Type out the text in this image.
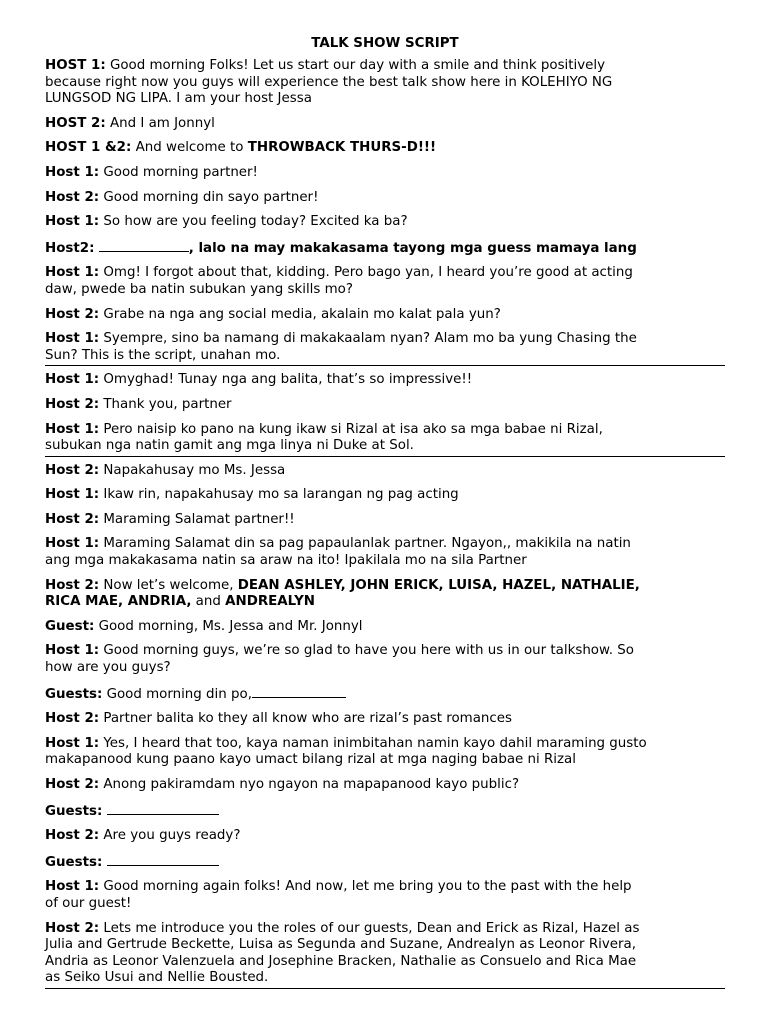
TALK SHOW SCRIPT
HOST 1: Good morning Folks! Let us start our day with a smile and think positively
because right now you guys will experience the best talk show here in KOLEHIYO NG
LUNGSOD NG LIPA. I am your host Jessa
HOST 2: And I am Jonnyl
HOST 1 &2: And welcome to THROWBACK THURS-D!!!
Host 1: Good morning partner!
Host 2: Good morning din sayo partner!
Host 1: So how are you feeling today? Excited ka ba?
Host2:	, lalo na may makakasama tayong mga guess mamaya lang
Host 1: Omg! I forgot about that, kidding. Pero bago yan, I heard you’re good at acting
daw, pwede ba natin subukan yang skills mo?
Host 2: Grabe na nga ang social media, akalain mo kalat pala yun?
Host 1: Syempre, sino ba namang di makakaalam nyan? Alam mo ba yung Chasing the
Sun? This is the script, unahan mo.
Host 1: Omyghad! Tunay nga ang balita, that’s so impressive!!
Host 2: Thank you, partner
Host 1: Pero naisip ko pano na kung ikaw si Rizal at isa ako sa mga babae ni Rizal,
subukan nga natin gamit ang mga linya ni Duke at Sol.
Host 2: Napakahusay mo Ms. Jessa
Host 1: Ikaw rin, napakahusay mo sa larangan ng pag acting
Host 2: Maraming Salamat partner!!
Host 1: Maraming Salamat din sa pag papaulanlak partner. Ngayon,, makikila na natin
ang mga makakasama natin sa araw na ito! Ipakilala mo na sila Partner
Host 2: Now let’s welcome, DEAN ASHLEY, JOHN ERICK, LUISA, HAZEL, NATHALIE,
RICA MAE, ANDRIA, and ANDREALYN
Guest: Good morning, Ms. Jessa and Mr. Jonnyl
Host 1: Good morning guys, we’re so glad to have you here with us in our talkshow. So
how are you guys?
Guests: Good morning din po,
Host 2: Partner balita ko they all know who are rizal’s past romances
Host 1: Yes, I heard that too, kaya naman inimbitahan namin kayo dahil maraming gusto
makapanood kung paano kayo umact bilang rizal at mga naging babae ni Rizal
Host 2: Anong pakiramdam nyo ngayon na mapapanood kayo public?
Guests:
Host 2: Are you guys ready?
Guests:
Host 1: Good morning again folks! And now, let me bring you to the past with the help
of our guest!
Host 2: Lets me introduce you the roles of our guests, Dean and Erick as Rizal, Hazel as
Julia and Gertrude Beckette, Luisa as Segunda and Suzane, Andrealyn as Leonor Rivera,
Andria as Leonor Valenzuela and Josephine Bracken, Nathalie as Consuelo and Rica Mae
as Seiko Usui and Nellie Bousted.
